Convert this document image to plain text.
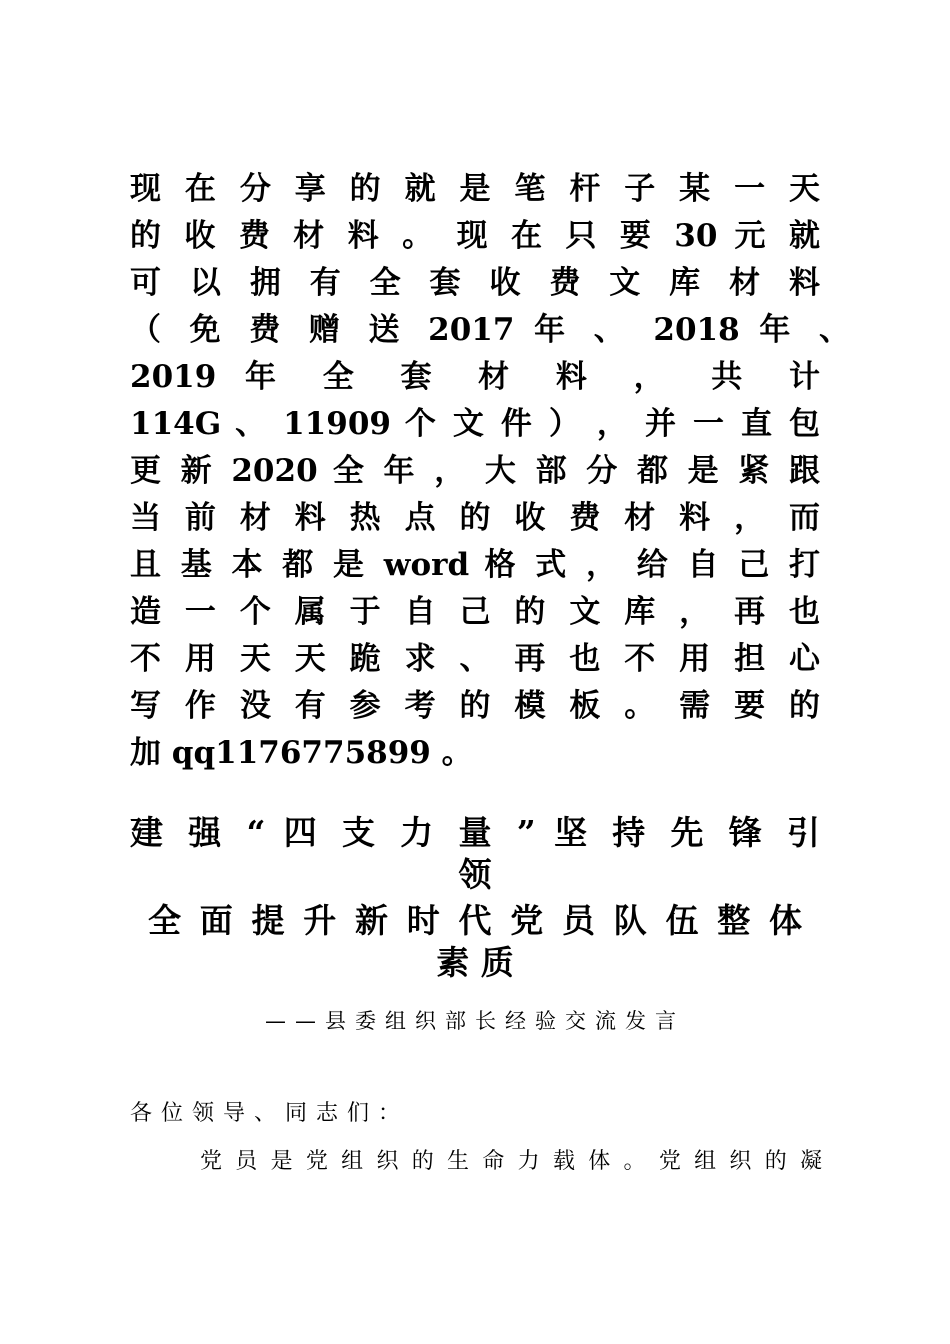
现 在 分 享 的 就 是 笔 杆 子 某 一 天
的 收 费 材 料 。 现 在 只 要 30 元 就
可 以 拥 有 全 套 收 费 文 库 材 料
（ 免 费 赠 送 2017 年 、 2018 年 、
2019 年 全 套 材 料 ， 共 计
114G 、 11909 个 文 件 ） ， 并 一 直 包
更 新 2020 全 年 ， 大 部 分 都 是 紧 跟
当 前 材 料 热 点 的 收 费 材 料 ， 而
且 基 本 都 是 word 格 式 ， 给 自 己 打
造 一 个 属 于 自 己 的 文 库 ， 再 也
不 用 天 天 跪 求 、 再 也 不 用 担 心
写 作 没 有 参 考 的 模 板 。 需 要 的
加 qq1176775899 。
建 强 “ 四 支 力 量 ” 坚 持 先 锋 引
领
全 面 提 升 新 时 代 党 员 队 伍 整 体
素 质
——县委组织部长经验交流发言
各位领导、同志们：
党 员 是 党 组 织 的 生 命 力 载 体 。 党 组 织 的 凝
